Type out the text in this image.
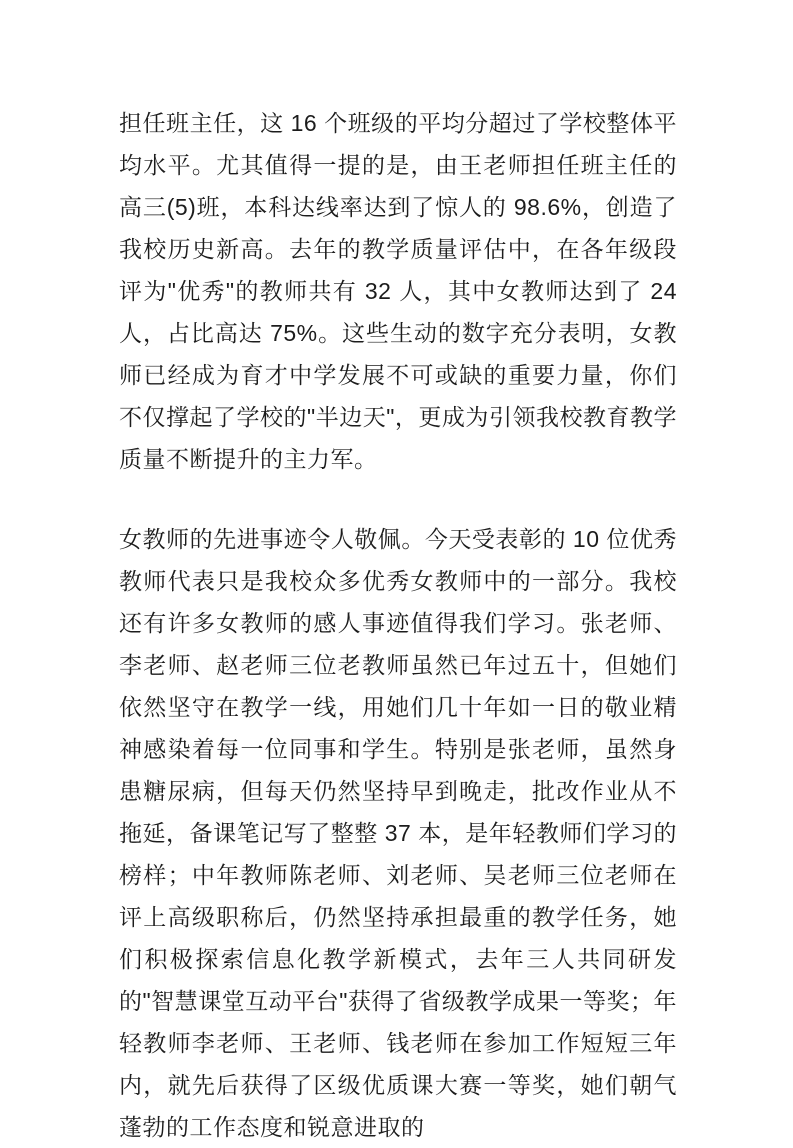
担任班主任，这 16 个班级的平均分超过了学校整体平均水平。尤其值得一提的是，由王老师担任班主任的高三(5)班，本科达线率达到了惊人的 98.6%，创造了我校历史新高。去年的教学质量评估中，在各年级段评为"优秀"的教师共有 32 人，其中女教师达到了 24 人，占比高达 75%。这些生动的数字充分表明，女教师已经成为育才中学发展不可或缺的重要力量，你们不仅撑起了学校的"半边天"，更成为引领我校教育教学质量不断提升的主力军。

女教师的先进事迹令人敬佩。今天受表彰的 10 位优秀教师代表只是我校众多优秀女教师中的一部分。我校还有许多女教师的感人事迹值得我们学习。张老师、李老师、赵老师三位老教师虽然已年过五十，但她们依然坚守在教学一线，用她们几十年如一日的敬业精神感染着每一位同事和学生。特别是张老师，虽然身患糖尿病，但每天仍然坚持早到晚走，批改作业从不拖延，备课笔记写了整整 37 本，是年轻教师们学习的榜样；中年教师陈老师、刘老师、吴老师三位老师在评上高级职称后，仍然坚持承担最重的教学任务，她们积极探索信息化教学新模式，去年三人共同研发的"智慧课堂互动平台"获得了省级教学成果一等奖；年轻教师李老师、王老师、钱老师在参加工作短短三年内，就先后获得了区级优质课大赛一等奖，她们朝气蓬勃的工作态度和锐意进取的
